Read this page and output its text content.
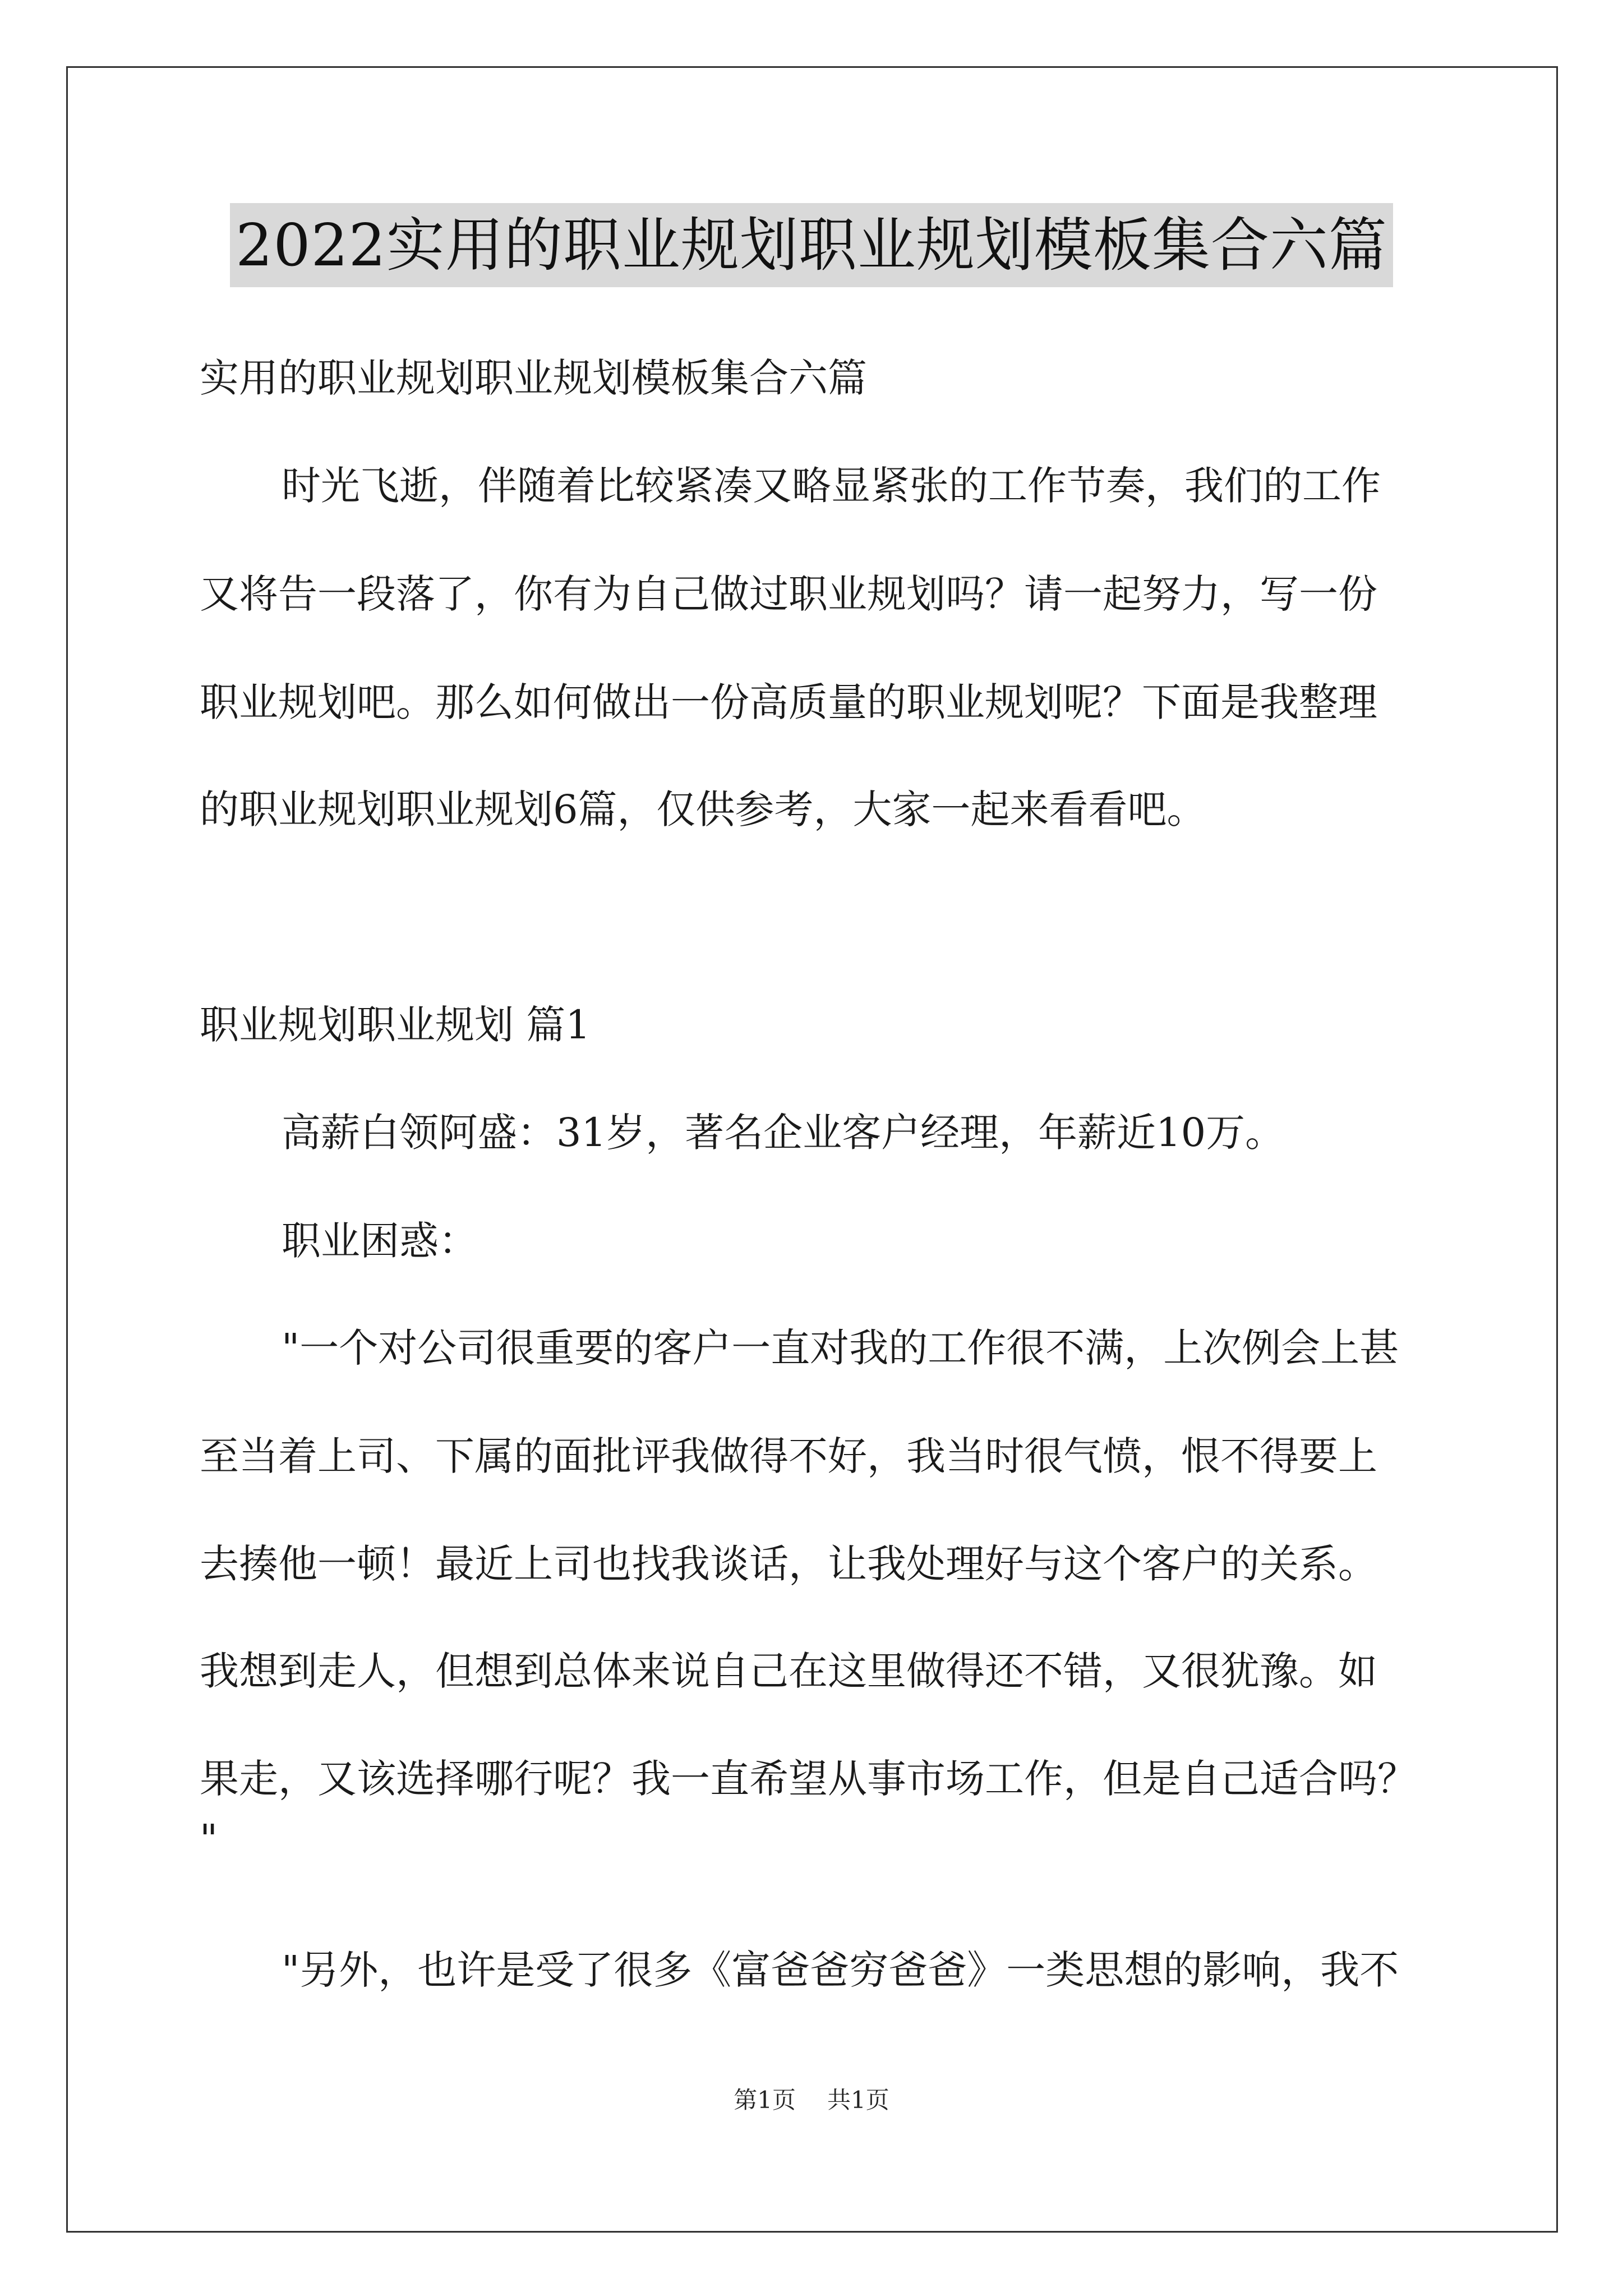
2022实用的职业规划职业规划模板集合六篇
实用的职业规划职业规划模板集合六篇
时光飞逝，伴随着比较紧凑又略显紧张的工作节奏，我们的工作
又将告一段落了，你有为自己做过职业规划吗？请一起努力，写一份
职业规划吧。那么如何做出一份高质量的职业规划呢？下面是我整理
的职业规划职业规划6篇，仅供参考，大家一起来看看吧。
职业规划职业规划 篇1
高薪白领阿盛：31岁，著名企业客户经理，年薪近10万。
职业困惑：
"一个对公司很重要的客户一直对我的工作很不满，上次例会上甚
至当着上司、下属的面批评我做得不好，我当时很气愤，恨不得要上
去揍他一顿！最近上司也找我谈话，让我处理好与这个客户的关系。
我想到走人，但想到总体来说自己在这里做得还不错，又很犹豫。如
果走，又该选择哪行呢？我一直希望从事市场工作，但是自己适合吗？
"
"另外，也许是受了很多《富爸爸穷爸爸》一类思想的影响，我不
第1页 共1页
